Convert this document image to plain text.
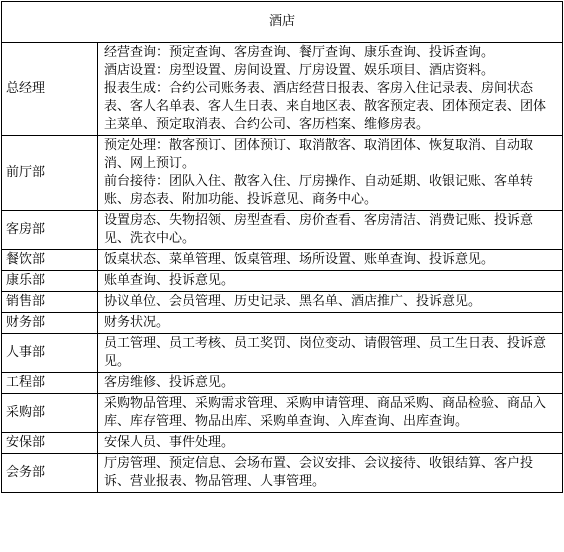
酒店	
总经理	经营查询：预定查询、客房查询、餐厅查询、康乐查询、投诉查询。
酒店设置：房型设置、房间设置、厅房设置、娱乐项目、酒店资料。
报表生成：合约公司账务表、酒店经营日报表、客房入住记录表、房间状态表、客人名单表、客人生日表、来自地区表、散客预定表、团体预定表、团体主菜单、预定取消表、合约公司、客历档案、维修房表。

前厅部	预定处理：散客预订、团体预订、取消散客、取消团体、恢复取消、自动取消、网上预订。
前台接待：团队入住、散客入住、厅房操作、自动延期、收银记账、客单转账、房态表、附加功能、投诉意见、商务中心。

客房部	设置房态、失物招领、房型查看、房价查看、客房清洁、消费记账、投诉意见、洗衣中心。

餐饮部	饭桌状态、菜单管理、饭桌管理、场所设置、账单查询、投诉意见。

康乐部	账单查询、投诉意见。

销售部	协议单位、会员管理、历史记录、黑名单、酒店推广、投诉意见。

财务部	财务状况。

人事部	员工管理、员工考核、员工奖罚、岗位变动、请假管理、员工生日表、投诉意见。

工程部	客房维修、投诉意见。

采购部	采购物品管理、采购需求管理、采购申请管理、商品采购、商品检验、商品入库、库存管理、物品出库、采购单查询、入库查询、出库查询。

安保部	安保人员、事件处理。

会务部	厅房管理、预定信息、会场布置、会议安排、会议接待、收银结算、客户投诉、营业报表、物品管理、人事管理。
